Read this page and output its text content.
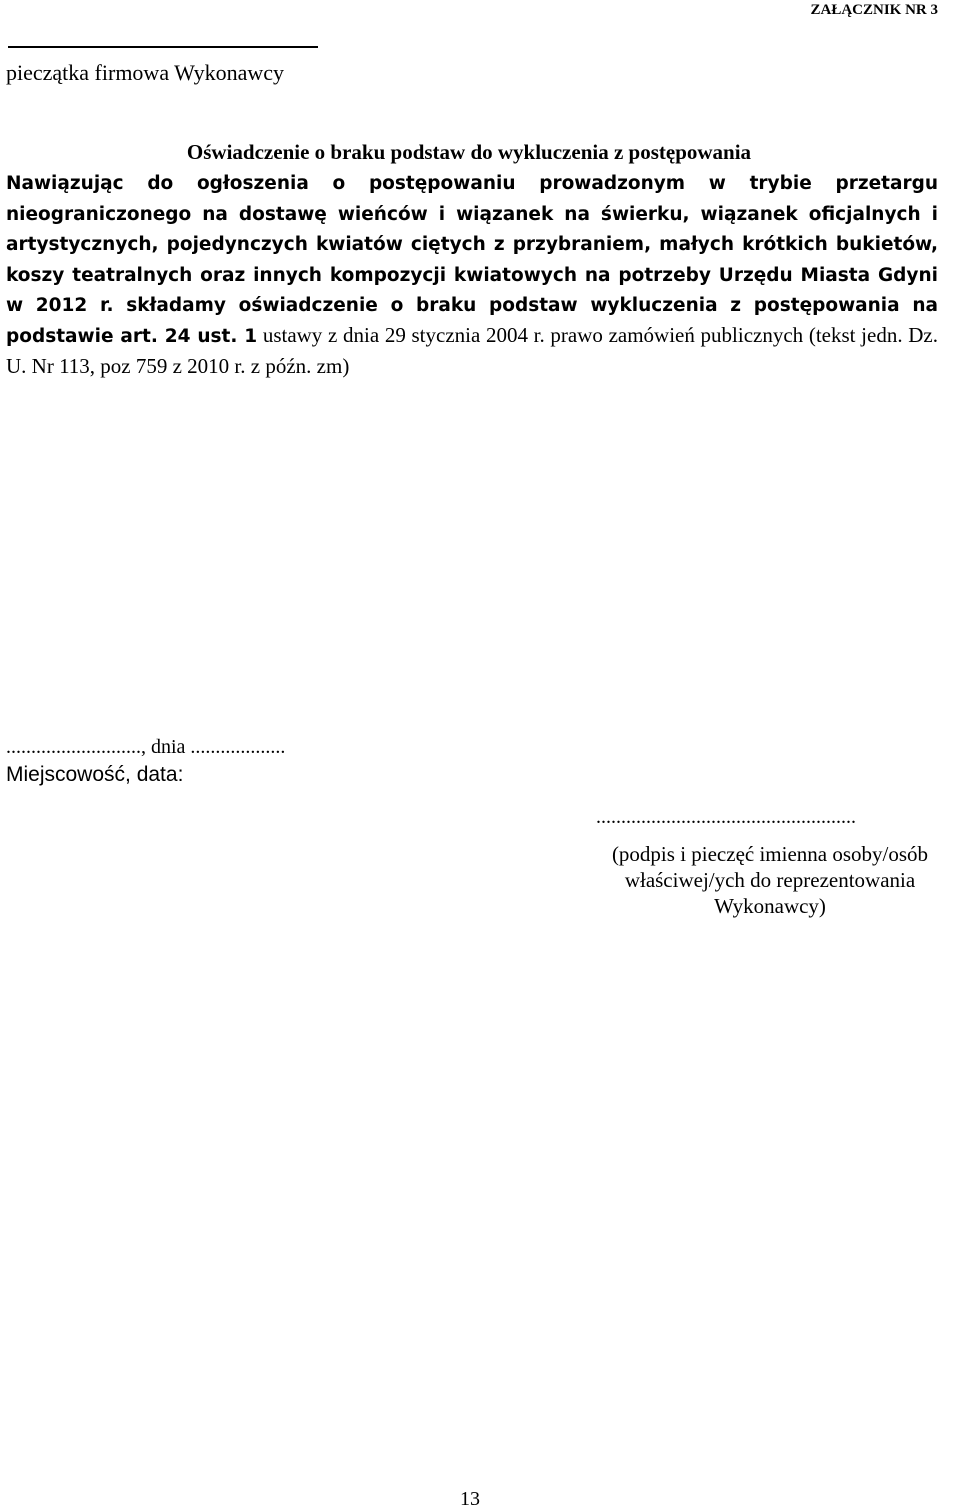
ZAŁĄCZNIK NR 3
pieczątka firmowa Wykonawcy
Oświadczenie o braku podstaw do wykluczenia z postępowania

Nawiązując do ogłoszenia o postępowaniu prowadzonym w trybie przetargu nieograniczonego na dostawę wieńców i wiązanek na świerku, wiązanek oficjalnych i artystycznych, pojedynczych kwiatów ciętych z przybraniem, małych krótkich bukietów, koszy teatralnych oraz innych kompozycji kwiatowych na potrzeby Urzędu Miasta Gdyni w 2012 r. składamy oświadczenie o braku podstaw wykluczenia z postępowania na podstawie art. 24 ust. 1 ustawy z dnia 29 stycznia 2004 r. prawo zamówień publicznych (tekst jedn. Dz. U. Nr 113, poz 759 z 2010 r. z późn. zm)

..........................., dnia ...................
Miejscowość, data:
....................................................
(podpis i pieczęć imienna osoby/osób właściwej/ych do reprezentowania Wykonawcy)
13
